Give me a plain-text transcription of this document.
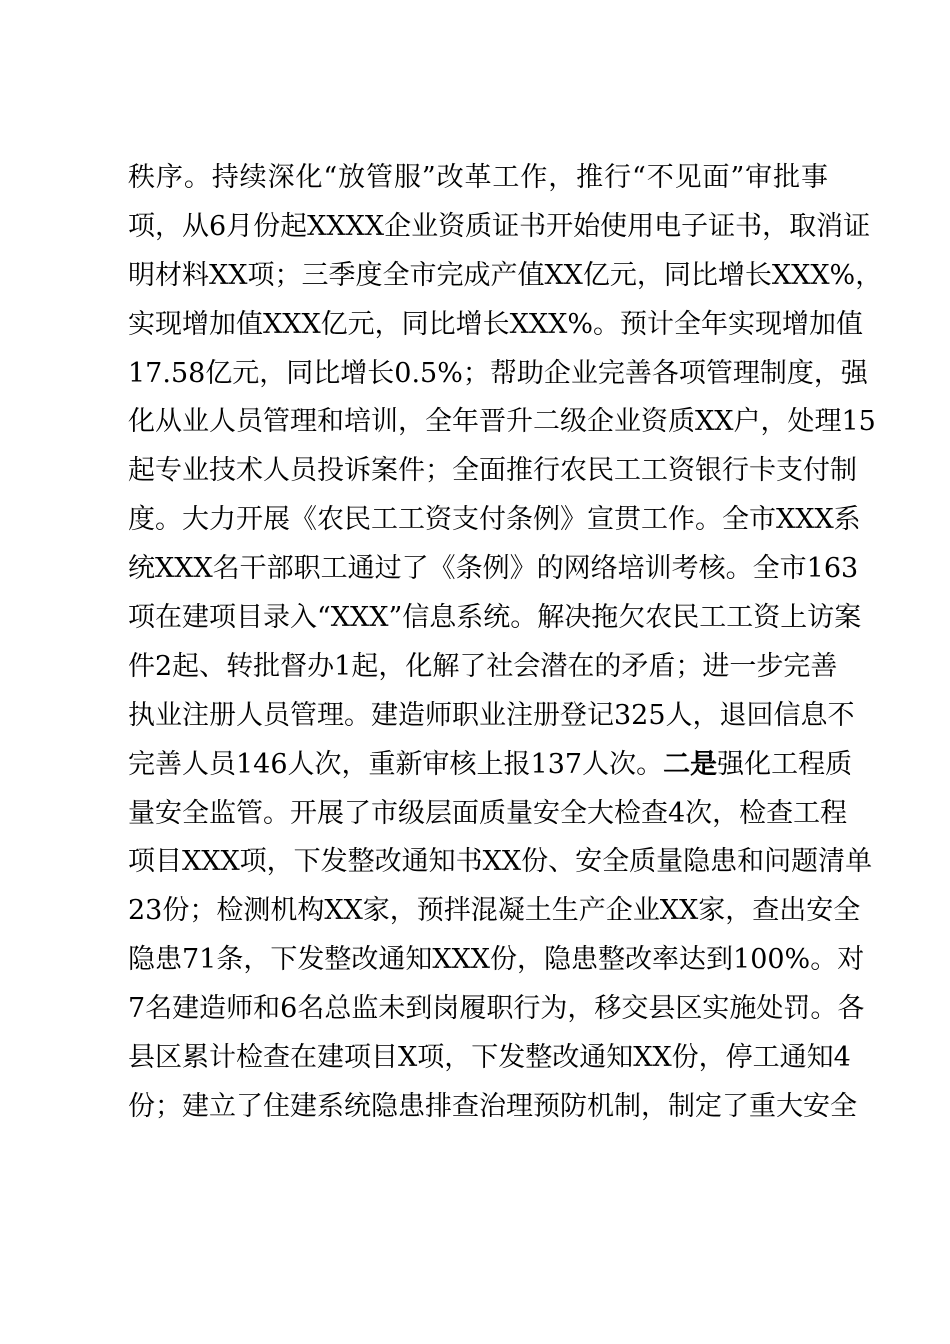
秩序。持续深化“放管服”改革工作，推行“不见面”审批事
项，从6月份起XXXX企业资质证书开始使用电子证书，取消证
明材料XX项；三季度全市完成产值XX亿元，同比增长XXX%，
实现增加值XXX亿元，同比增长XXX%。预计全年实现增加值
17.58亿元，同比增长0.5%；帮助企业完善各项管理制度，强
化从业人员管理和培训，全年晋升二级企业资质XX户，处理15
起专业技术人员投诉案件；全面推行农民工工资银行卡支付制
度。大力开展《农民工工资支付条例》宣贯工作。全市XXX系
统XXX名干部职工通过了《条例》的网络培训考核。全市163
项在建项目录入“XXX”信息系统。解决拖欠农民工工资上访案
件2起、转批督办1起，化解了社会潜在的矛盾；进一步完善
执业注册人员管理。建造师职业注册登记325人，退回信息不
完善人员146人次，重新审核上报137人次。二是强化工程质
量安全监管。开展了市级层面质量安全大检查4次，检查工程
项目XXX项，下发整改通知书XX份、安全质量隐患和问题清单
23份；检测机构XX家，预拌混凝土生产企业XX家，查出安全
隐患71条，下发整改通知XXX份，隐患整改率达到100%。对
7名建造师和6名总监未到岗履职行为，移交县区实施处罚。各
县区累计检查在建项目X项，下发整改通知XX份，停工通知4
份；建立了住建系统隐患排查治理预防机制，制定了重大安全
